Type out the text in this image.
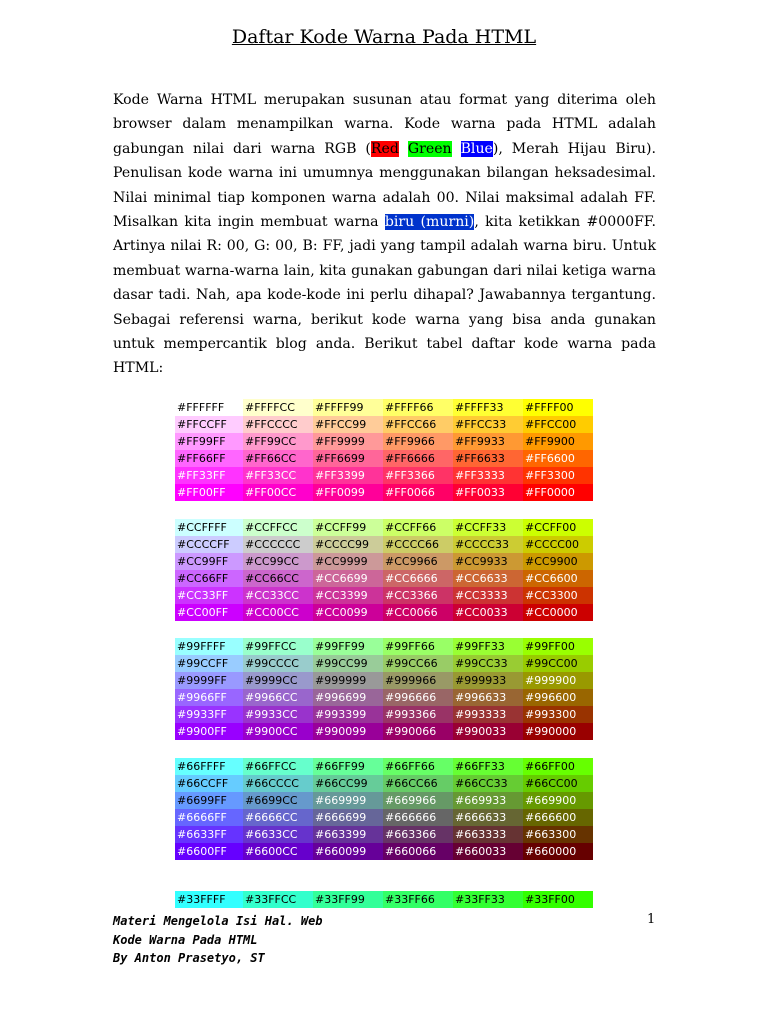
Daftar Kode Warna Pada HTML
Kode Warna HTML merupakan susunan atau format yang diterima oleh browser dalam menampilkan warna. Kode warna pada HTML adalah gabungan nilai dari warna RGB (Red Green Blue), Merah Hijau Biru). Penulisan kode warna ini umumnya menggunakan bilangan heksadesimal. Nilai minimal tiap komponen warna adalah 00. Nilai maksimal adalah FF. Misalkan kita ingin membuat warna biru (murni), kita ketikkan #0000FF. Artinya nilai R: 00, G: 00, B: FF, jadi yang tampil adalah warna biru. Untuk membuat warna-warna lain, kita gunakan gabungan dari nilai ketiga warna dasar tadi. Nah, apa kode-kode ini perlu dihapal? Jawabannya tergantung. Sebagai referensi warna, berikut kode warna yang bisa anda gunakan untuk mempercantik blog anda. Berikut tabel daftar kode warna pada HTML:
#FFFFFF	#FFFFCC	#FFFF99	#FFFF66	#FFFF33	#FFFF00
#FFCCFF	#FFCCCC	#FFCC99	#FFCC66	#FFCC33	#FFCC00
#FF99FF	#FF99CC	#FF9999	#FF9966	#FF9933	#FF9900
#FF66FF	#FF66CC	#FF6699	#FF6666	#FF6633	#FF6600
#FF33FF	#FF33CC	#FF3399	#FF3366	#FF3333	#FF3300
#FF00FF	#FF00CC	#FF0099	#FF0066	#FF0033	#FF0000
#CCFFFF	#CCFFCC	#CCFF99	#CCFF66	#CCFF33	#CCFF00
#CCCCFF	#CCCCCC	#CCCC99	#CCCC66	#CCCC33	#CCCC00
#CC99FF	#CC99CC	#CC9999	#CC9966	#CC9933	#CC9900
#CC66FF	#CC66CC	#CC6699	#CC6666	#CC6633	#CC6600
#CC33FF	#CC33CC	#CC3399	#CC3366	#CC3333	#CC3300
#CC00FF	#CC00CC	#CC0099	#CC0066	#CC0033	#CC0000
#99FFFF	#99FFCC	#99FF99	#99FF66	#99FF33	#99FF00
#99CCFF	#99CCCC	#99CC99	#99CC66	#99CC33	#99CC00
#9999FF	#9999CC	#999999	#999966	#999933	#999900
#9966FF	#9966CC	#996699	#996666	#996633	#996600
#9933FF	#9933CC	#993399	#993366	#993333	#993300
#9900FF	#9900CC	#990099	#990066	#990033	#990000
#66FFFF	#66FFCC	#66FF99	#66FF66	#66FF33	#66FF00
#66CCFF	#66CCCC	#66CC99	#66CC66	#66CC33	#66CC00
#6699FF	#6699CC	#669999	#669966	#669933	#669900
#6666FF	#6666CC	#666699	#666666	#666633	#666600
#6633FF	#6633CC	#663399	#663366	#663333	#663300
#6600FF	#6600CC	#660099	#660066	#660033	#660000
#33FFFF	#33FFCC	#33FF99	#33FF66	#33FF33	#33FF00
Materi Mengelola Isi Hal. Web
Kode Warna Pada HTML
By Anton Prasetyo, ST
1
